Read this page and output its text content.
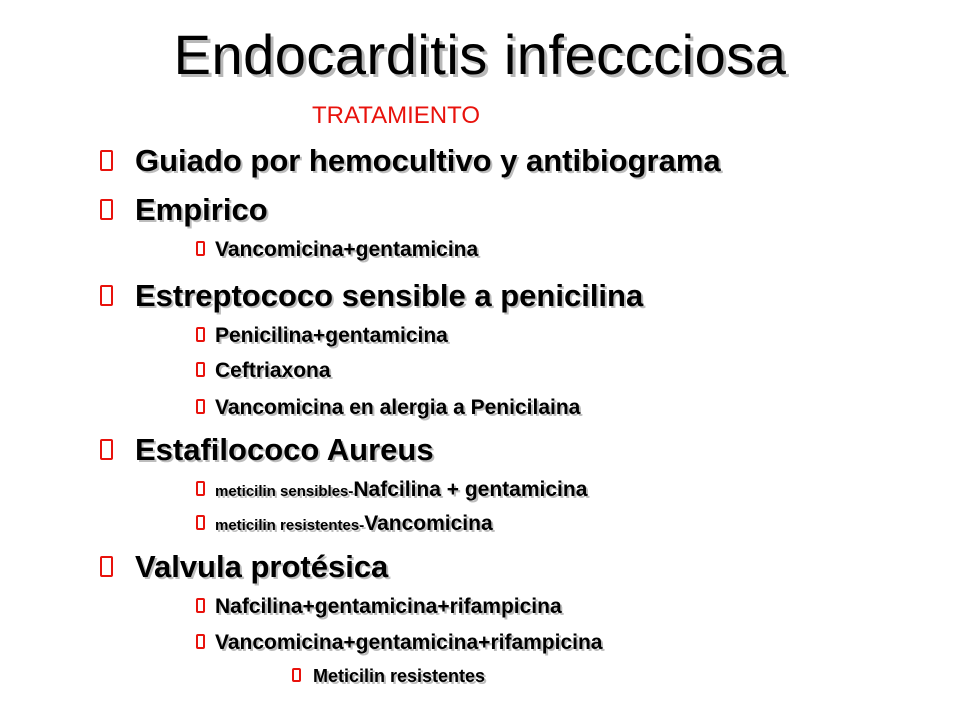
Endocarditis infeccciosa
TRATAMIENTO
Guiado por hemocultivo y antibiograma
Empirico
Vancomicina+gentamicina
Estreptococo sensible a penicilina
Penicilina+gentamicina
Ceftriaxona
Vancomicina en alergia a Penicilaina
Estafilococo Aureus
meticilin sensibles-Nafcilina + gentamicina
meticilin resistentes-Vancomicina
Valvula protésica
Nafcilina+gentamicina+rifampicina
Vancomicina+gentamicina+rifampicina
Meticilin resistentes
